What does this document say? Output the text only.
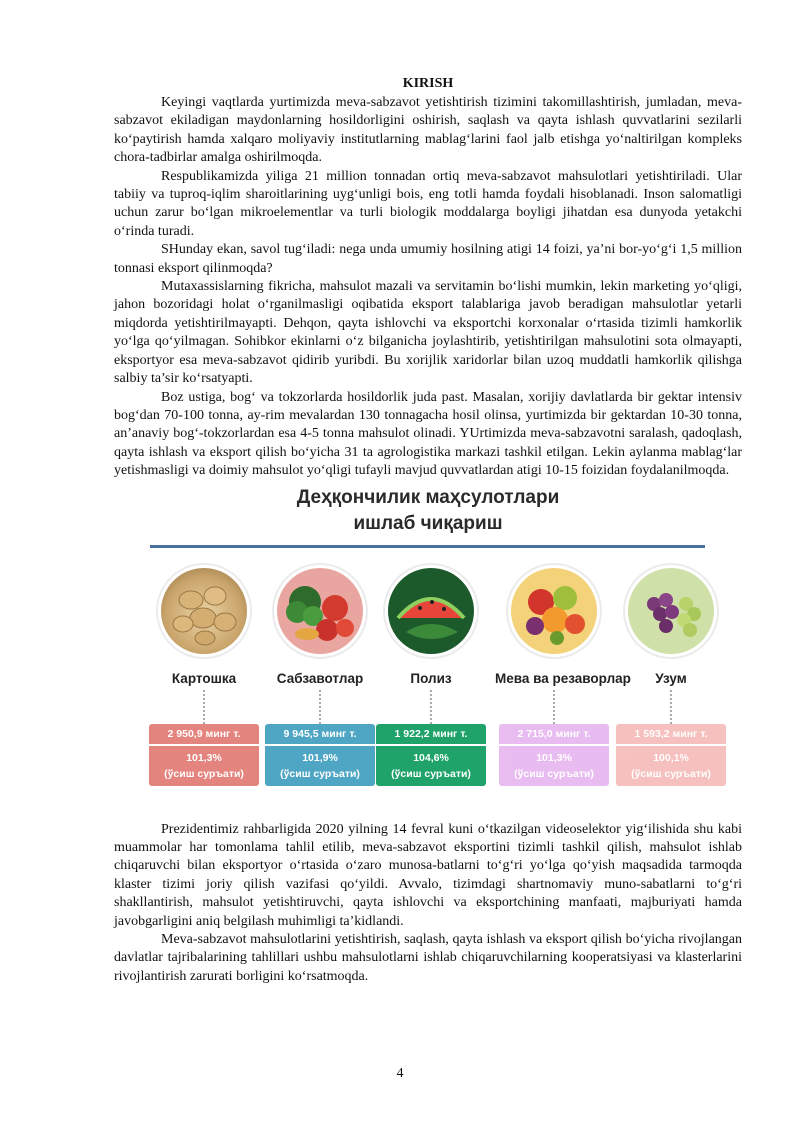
KIRISH

Keyingi vaqtlarda yurtimizda meva-sabzavot yetishtirish tizimini takomillashtirish, jumladan, meva-sabzavot ekiladigan maydonlarning hosildorligini oshirish, saqlash va qayta ishlash quvvatlarini sezilarli ko‘paytirish hamda xalqaro moliyaviy institutlarning mablag‘larini faol jalb etishga yo‘naltirilgan kompleks chora-tadbirlar amalga oshirilmoqda.

Respublikamizda yiliga 21 million tonnadan ortiq meva-sabzavot mahsulotlari yetishtiriladi. Ular tabiiy va tuproq-iqlim sharoitlarining uyg‘unligi bois, eng totli hamda foydali hisoblanadi. Inson salomatligi uchun zarur bo‘lgan mikroelementlar va turli biologik moddalarga boyligi jihatdan esa dunyoda yetakchi o‘rinda turadi.

SHunday ekan, savol tug‘iladi: nega unda umumiy hosilning atigi 14 foizi, ya’ni bor-yo‘g‘i 1,5 million tonnasi eksport qilinmoqda?

Mutaxassislarning fikricha, mahsulot mazali va servitamin bo‘lishi mumkin, lekin marketing yo‘qligi, jahon bozoridagi holat o‘rganilmasligi oqibatida eksport talablariga javob beradigan mahsulotlar yetarli miqdorda yetishtirilmayapti. Dehqon, qayta ishlovchi va eksportchi korxonalar o‘rtasida tizimli hamkorlik yo‘lga qo‘yilmagan. Sohibkor ekinlarni o‘z bilganicha joylashtirib, yetishtirilgan mahsulotini sota olmayapti, eksportyor esa meva-sabzavot qidirib yuribdi. Bu xorijlik xaridorlar bilan uzoq muddatli hamkorlik qilishga salbiy ta’sir ko‘rsatyapti.

Boz ustiga, bog‘ va tokzorlarda hosildorlik juda past. Masalan, xorijiy davlatlarda bir gektar intensiv bog‘dan 70-100 tonna, ay-rim mevalardan 130 tonnagacha hosil olinsa, yurtimizda bir gektardan 10-30 tonna, an’anaviy bog‘-tokzorlardan esa 4-5 tonna mahsulot olinadi. YUrtimizda meva-sabzavotni saralash, qadoqlash, qayta ishlash va eksport qilish bo‘yicha 31 ta agrologistika markazi tashkil etilgan. Lekin aylanma mablag‘lar yetishmasligi va doimiy mahsulot yo‘qligi tufayli mavjud quvvatlardan atigi 10-15 foizidan foydalanilmoqda.

Деҳқончилик маҳсулотлари
ишлаб чиқариш
Картошка
2 950,9 минг т.
101,3%
(ўсиш суръати)
Сабзавотлар
9 945,5 минг т.
101,9%
(ўсиш суръати)
Полиз
1 922,2 минг т.
104,6%
(ўсиш суръати)
Мева ва резаворлар
2 715,0 минг т.
101,3%
(ўсиш суръати)
Узум
1 593,2 минг т.
100,1%
(ўсиш суръати)

Prezidentimiz rahbarligida 2020 yilning 14 fevral kuni o‘tkazilgan videoselektor yig‘ilishida shu kabi muammolar har tomonlama tahlil etilib, meva-sabzavot eksportini tizimli tashkil qilish, mahsulot ishlab chiqaruvchi bilan eksportyor o‘rtasida o‘zaro munosa-batlarni to‘g‘ri yo‘lga qo‘yish maqsadida tarmoqda klaster tizimi joriy qilish vazifasi qo‘yildi. Avvalo, tizimdagi shartnomaviy muno-sabatlarni to‘g‘ri shakllantirish, mahsulot yetishtiruvchi, qayta ishlovchi va eksportchining manfaati, majburiyati hamda javobgarligini aniq belgilash muhimligi ta’kidlandi.

Meva-sabzavot mahsulotlarini yetishtirish, saqlash, qayta ishlash va eksport qilish bo‘yicha rivojlangan davlatlar tajribalarining tahlillari ushbu mahsulotlarni ishlab chiqaruvchilarning kooperatsiyasi va klasterlarini rivojlantirish zarurati borligini ko‘rsatmoqda.

4
